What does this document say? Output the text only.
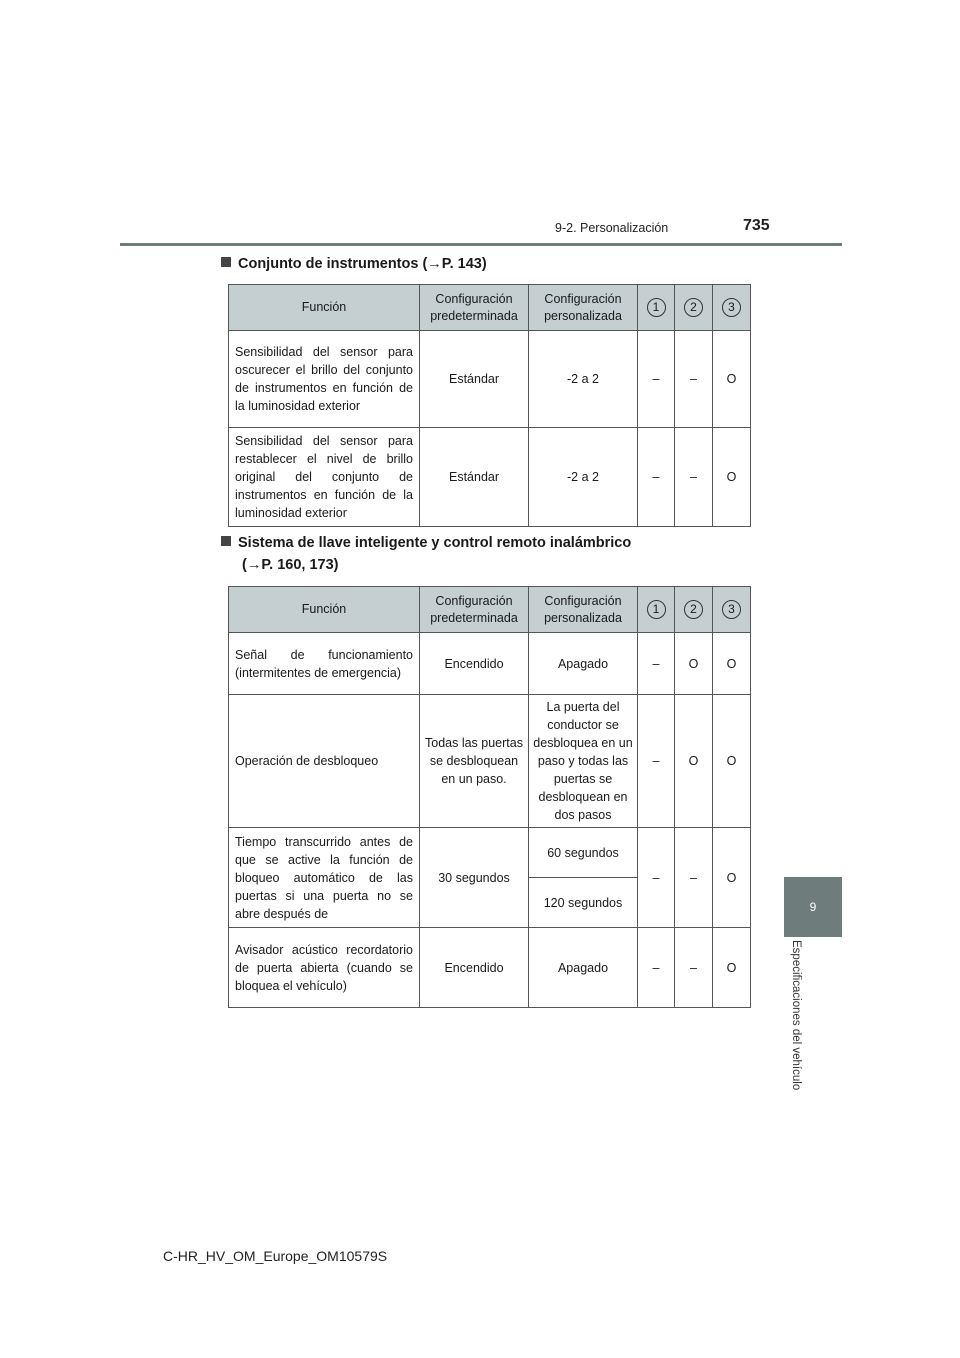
9-2. Personalización	735
9
Especificaciones del vehículo
Conjunto de instrumentos (→P. 143)
Función	Configuración predeterminada	Configuración personalizada	1	2	3
Sensibilidad del sensor para oscurecer el brillo del conjunto de instrumentos en función de la luminosidad exterior	Estándar	-2 a 2	–	–	O
Sensibilidad del sensor para restablecer el nivel de brillo original del conjunto de instrumentos en función de la luminosidad exterior	Estándar	-2 a 2	–	–	O
Sistema de llave inteligente y control remoto inalámbrico
(→P. 160, 173)
Función	Configuración predeterminada	Configuración personalizada	1	2	3
Señal de funcionamiento (intermitentes de emergencia)	Encendido	Apagado	–	O	O
Operación de desbloqueo	Todas las puertas se desbloquean en un paso.	La puerta del conductor se desbloquea en un paso y todas las puertas se desbloquean en dos pasos	–	O	O
Tiempo transcurrido antes de que se active la función de bloqueo automático de las puertas si una puerta no se abre después de	30 segundos	60 segundos	–	–	O
		120 segundos			
Avisador acústico recordatorio de puerta abierta (cuando se bloquea el vehículo)	Encendido	Apagado	–	–	O
C-HR_HV_OM_Europe_OM10579S
